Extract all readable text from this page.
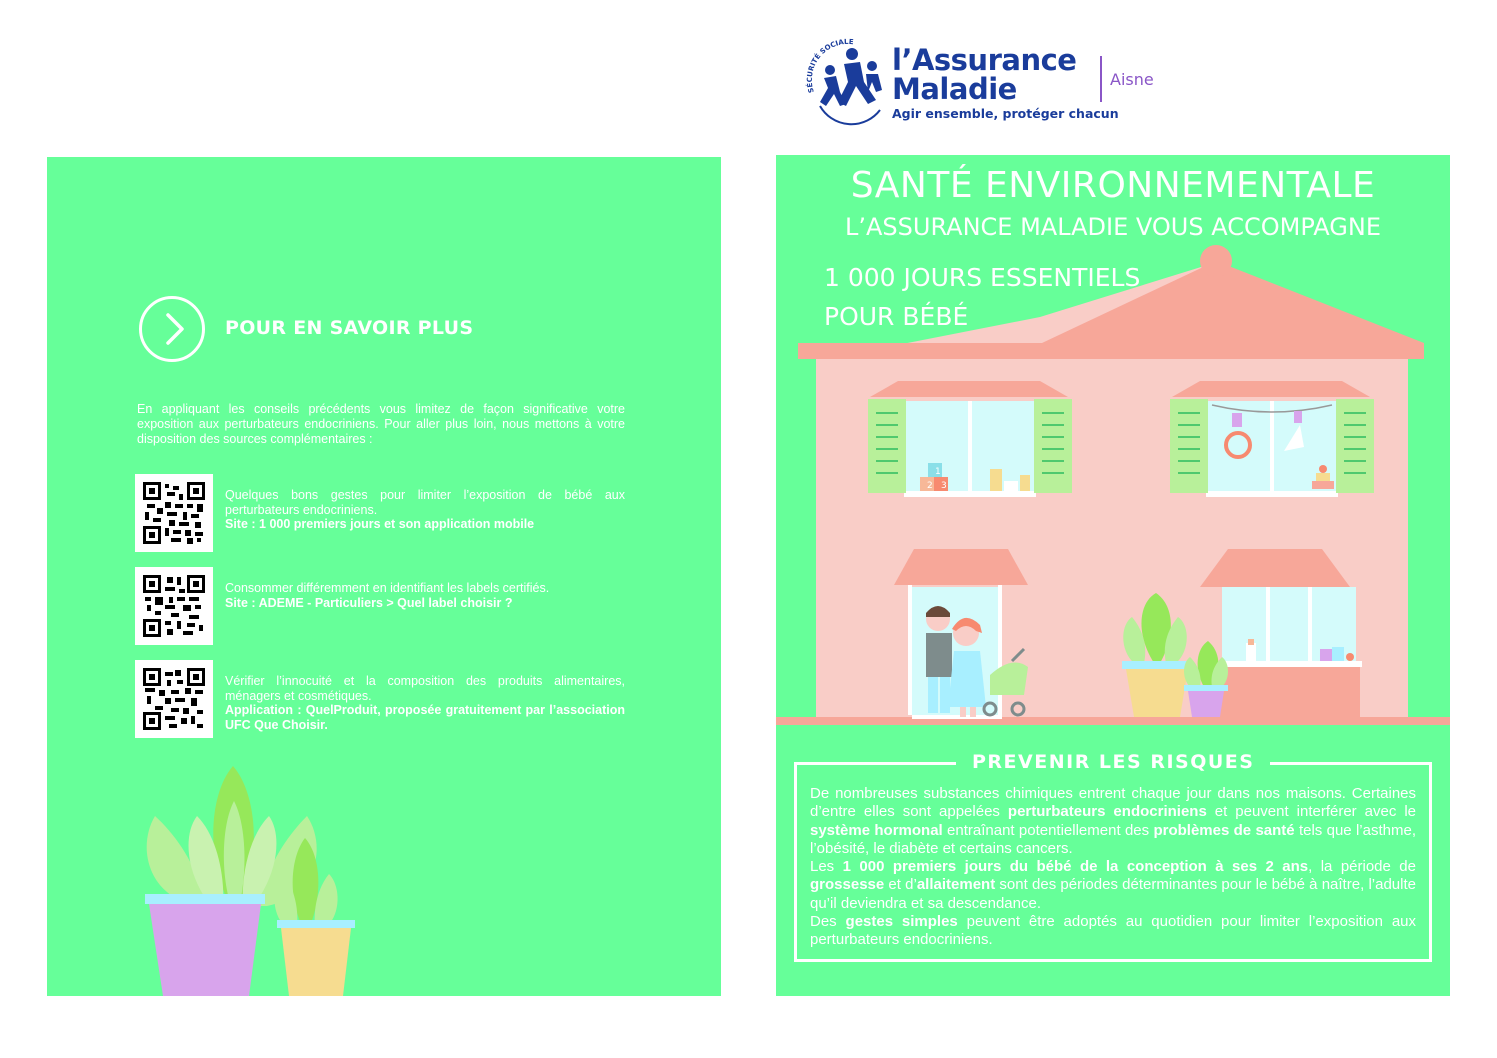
SÉCURITÉ SOCIALE
l’Assurance
Maladie
Agir ensemble, protéger chacun
Aisne
POUR EN SAVOIR PLUS
En appliquant les conseils précédents vous limitez de façon significative votre exposition aux perturbateurs endocriniens. Pour aller plus loin, nous mettons à votre disposition des sources complémentaires :
Quelques bons gestes pour limiter l’exposition de bébé aux perturbateurs endocriniens.
Site : 1 000 premiers jours et son application mobile
Consommer différemment en identifiant les labels certifiés.
Site : ADEME - Particuliers > Quel label choisir ?
Vérifier l’innocuité et la composition des produits alimentaires, ménagers et cosmétiques.
Application : QuelProduit, proposée gratuitement par l’association UFC Que Choisir.
2 3
1
SANTÉ ENVIRONNEMENTALE
L’ASSURANCE MALADIE VOUS ACCOMPAGNE
1 000 JOURS ESSENTIELS
POUR BÉBÉ
PREVENIR LES RISQUES
De nombreuses substances chimiques entrent chaque jour dans nos maisons. Certaines d’entre elles sont appelées perturbateurs endocriniens et peuvent interférer avec le système hormonal entraînant potentiellement des problèmes de santé tels que l’asthme, l’obésité, le diabète et certains cancers.
Les 1 000 premiers jours du bébé de la conception à ses 2 ans, la période de grossesse et d’allaitement sont des périodes déterminantes pour le bébé à naître, l’adulte qu’il deviendra et sa descendance.
Des gestes simples peuvent être adoptés au quotidien pour limiter l’exposition aux perturbateurs endocriniens.
